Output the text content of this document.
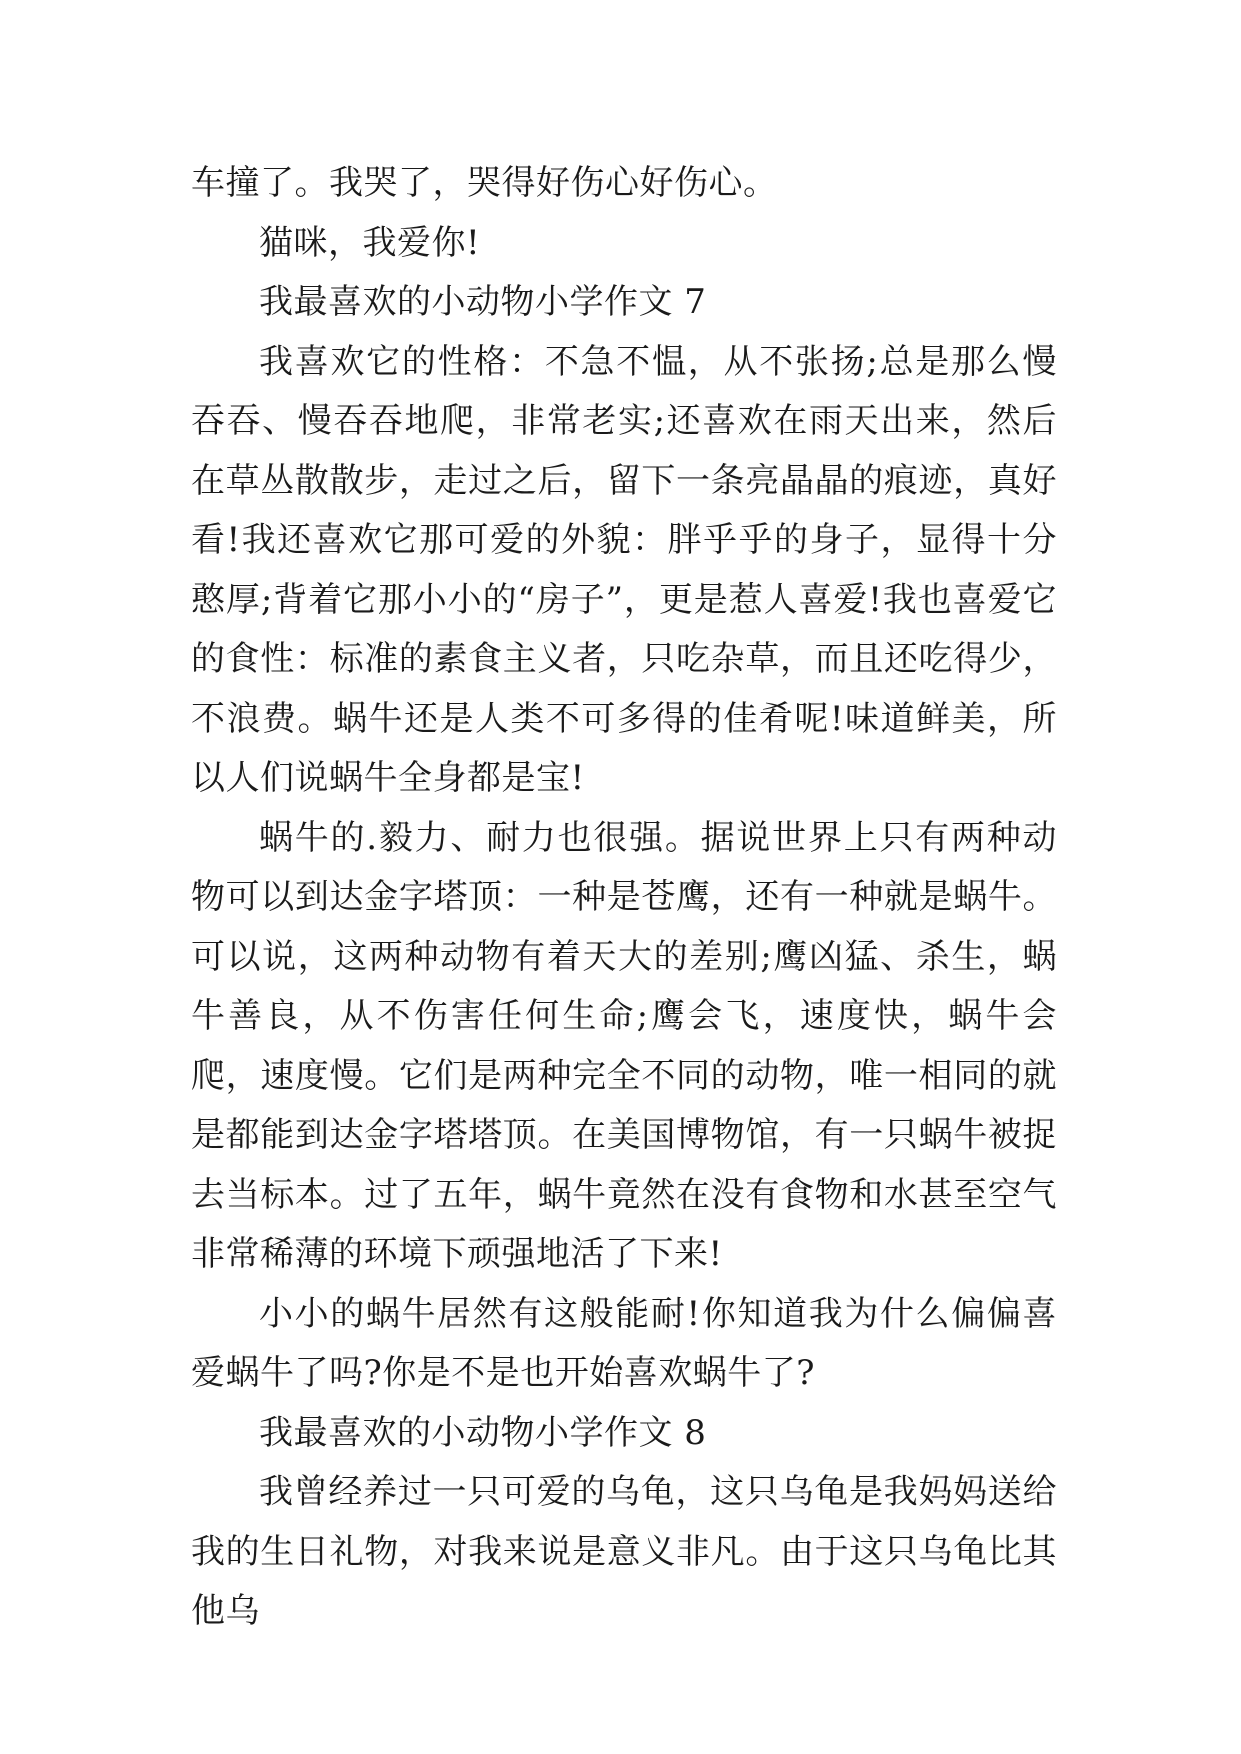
车撞了。我哭了，哭得好伤心好伤心。

猫咪，我爱你!

我最喜欢的小动物小学作文 7

我喜欢它的性格：不急不愠，从不张扬;总是那么慢吞吞、慢吞吞地爬，非常老实;还喜欢在雨天出来，然后在草丛散散步，走过之后，留下一条亮晶晶的痕迹，真好看!我还喜欢它那可爱的外貌：胖乎乎的身子，显得十分憨厚;背着它那小小的“房子”，更是惹人喜爱!我也喜爱它的食性：标准的素食主义者，只吃杂草，而且还吃得少，不浪费。蜗牛还是人类不可多得的佳肴呢!味道鲜美，所以人们说蜗牛全身都是宝!

蜗牛的.毅力、耐力也很强。据说世界上只有两种动物可以到达金字塔顶：一种是苍鹰，还有一种就是蜗牛。可以说，这两种动物有着天大的差别;鹰凶猛、杀生，蜗牛善良，从不伤害任何生命;鹰会飞，速度快，蜗牛会爬，速度慢。它们是两种完全不同的动物，唯一相同的就是都能到达金字塔塔顶。在美国博物馆，有一只蜗牛被捉去当标本。过了五年，蜗牛竟然在没有食物和水甚至空气非常稀薄的环境下顽强地活了下来!

小小的蜗牛居然有这般能耐!你知道我为什么偏偏喜爱蜗牛了吗?你是不是也开始喜欢蜗牛了?

我最喜欢的小动物小学作文 8

我曾经养过一只可爱的乌龟，这只乌龟是我妈妈送给我的生日礼物，对我来说是意义非凡。由于这只乌龟比其他乌
